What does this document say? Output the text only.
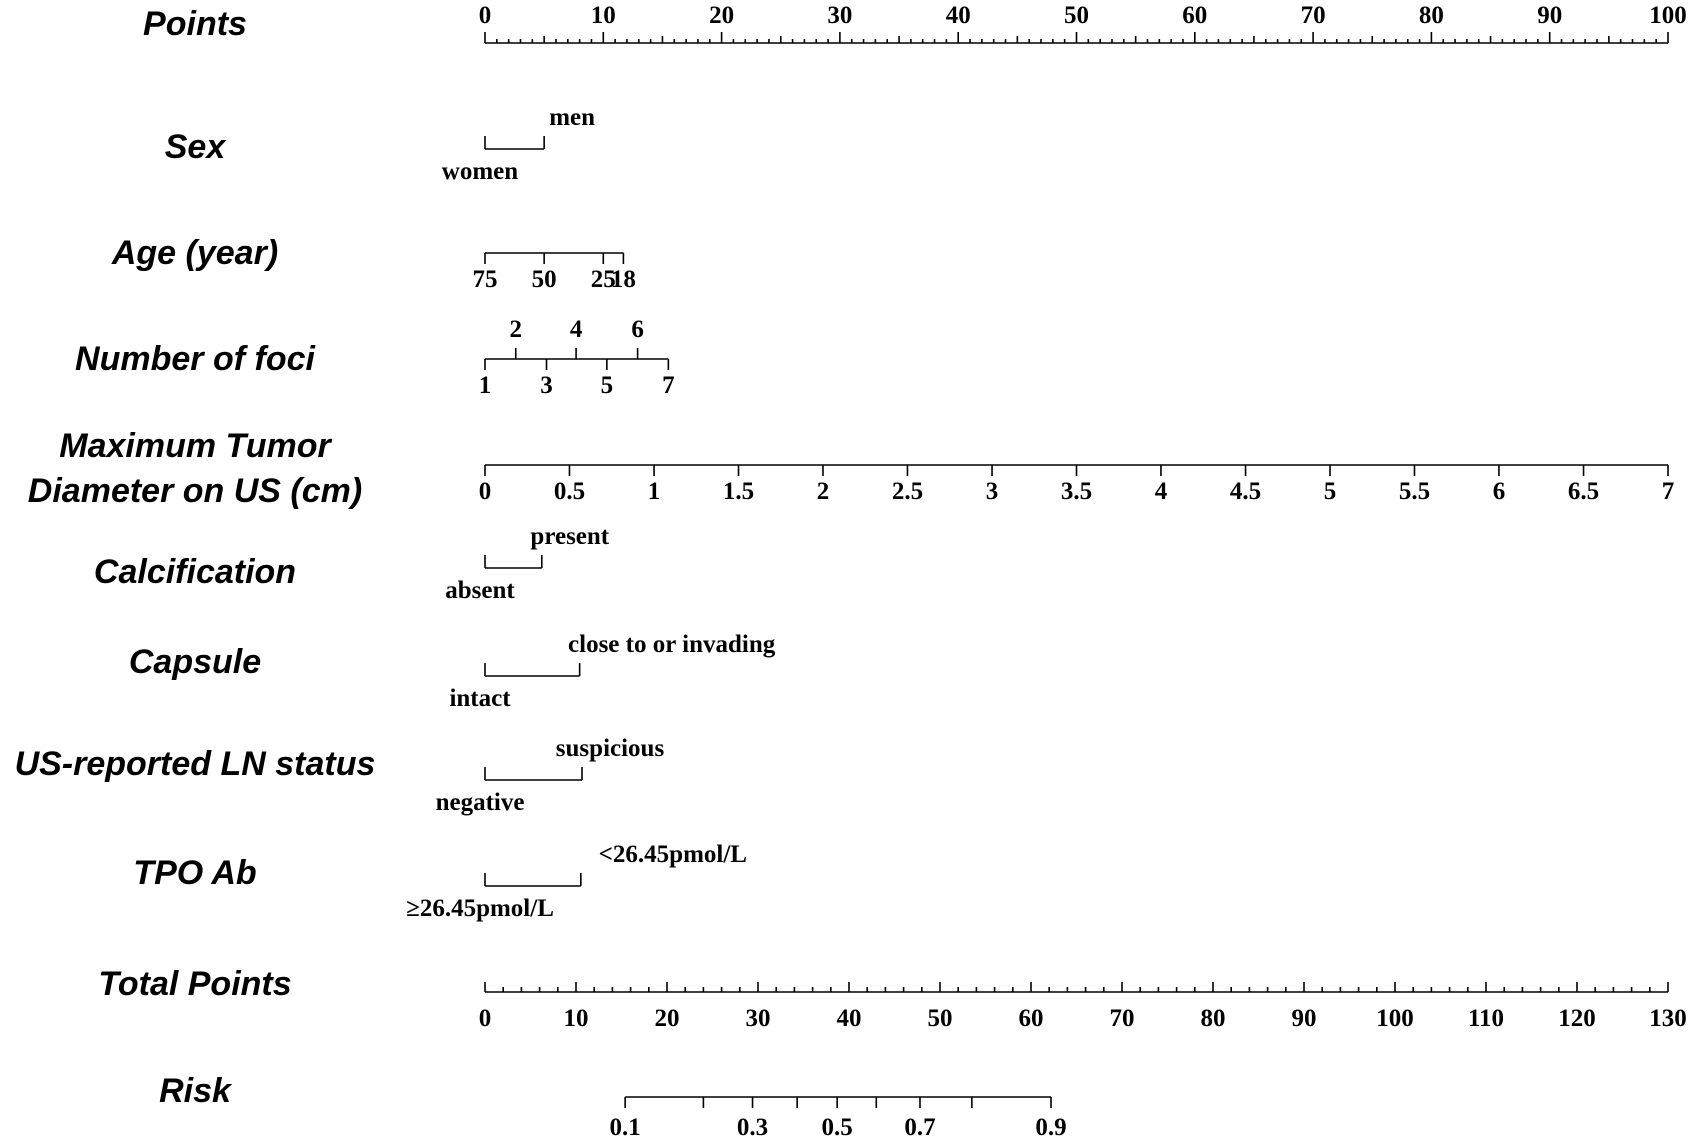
Points	0	10	20	30	40	50	60	70	80	90	100
Sex
women
men
Age (year)
75 50 25
18
Number of foci
1
2
3
4
5
6
7
Maximum Tumor
Diameter on US (cm)	0	0.5	1	1.5	2	2.5	3	3.5	4	4.5	5	5.5	6	6.5	7
Calcification	absent
present
Capsule
intact
close to or invading
US-reported LN status
negative
suspicious
TPO Ab
≥26.45pmol/L
<26.45pmol/L
Total Points
0	10	20	30	40	50	60	70	80	90 100 110 120 130
Risk
0.1	0.3 0.5 0.7	0.9
